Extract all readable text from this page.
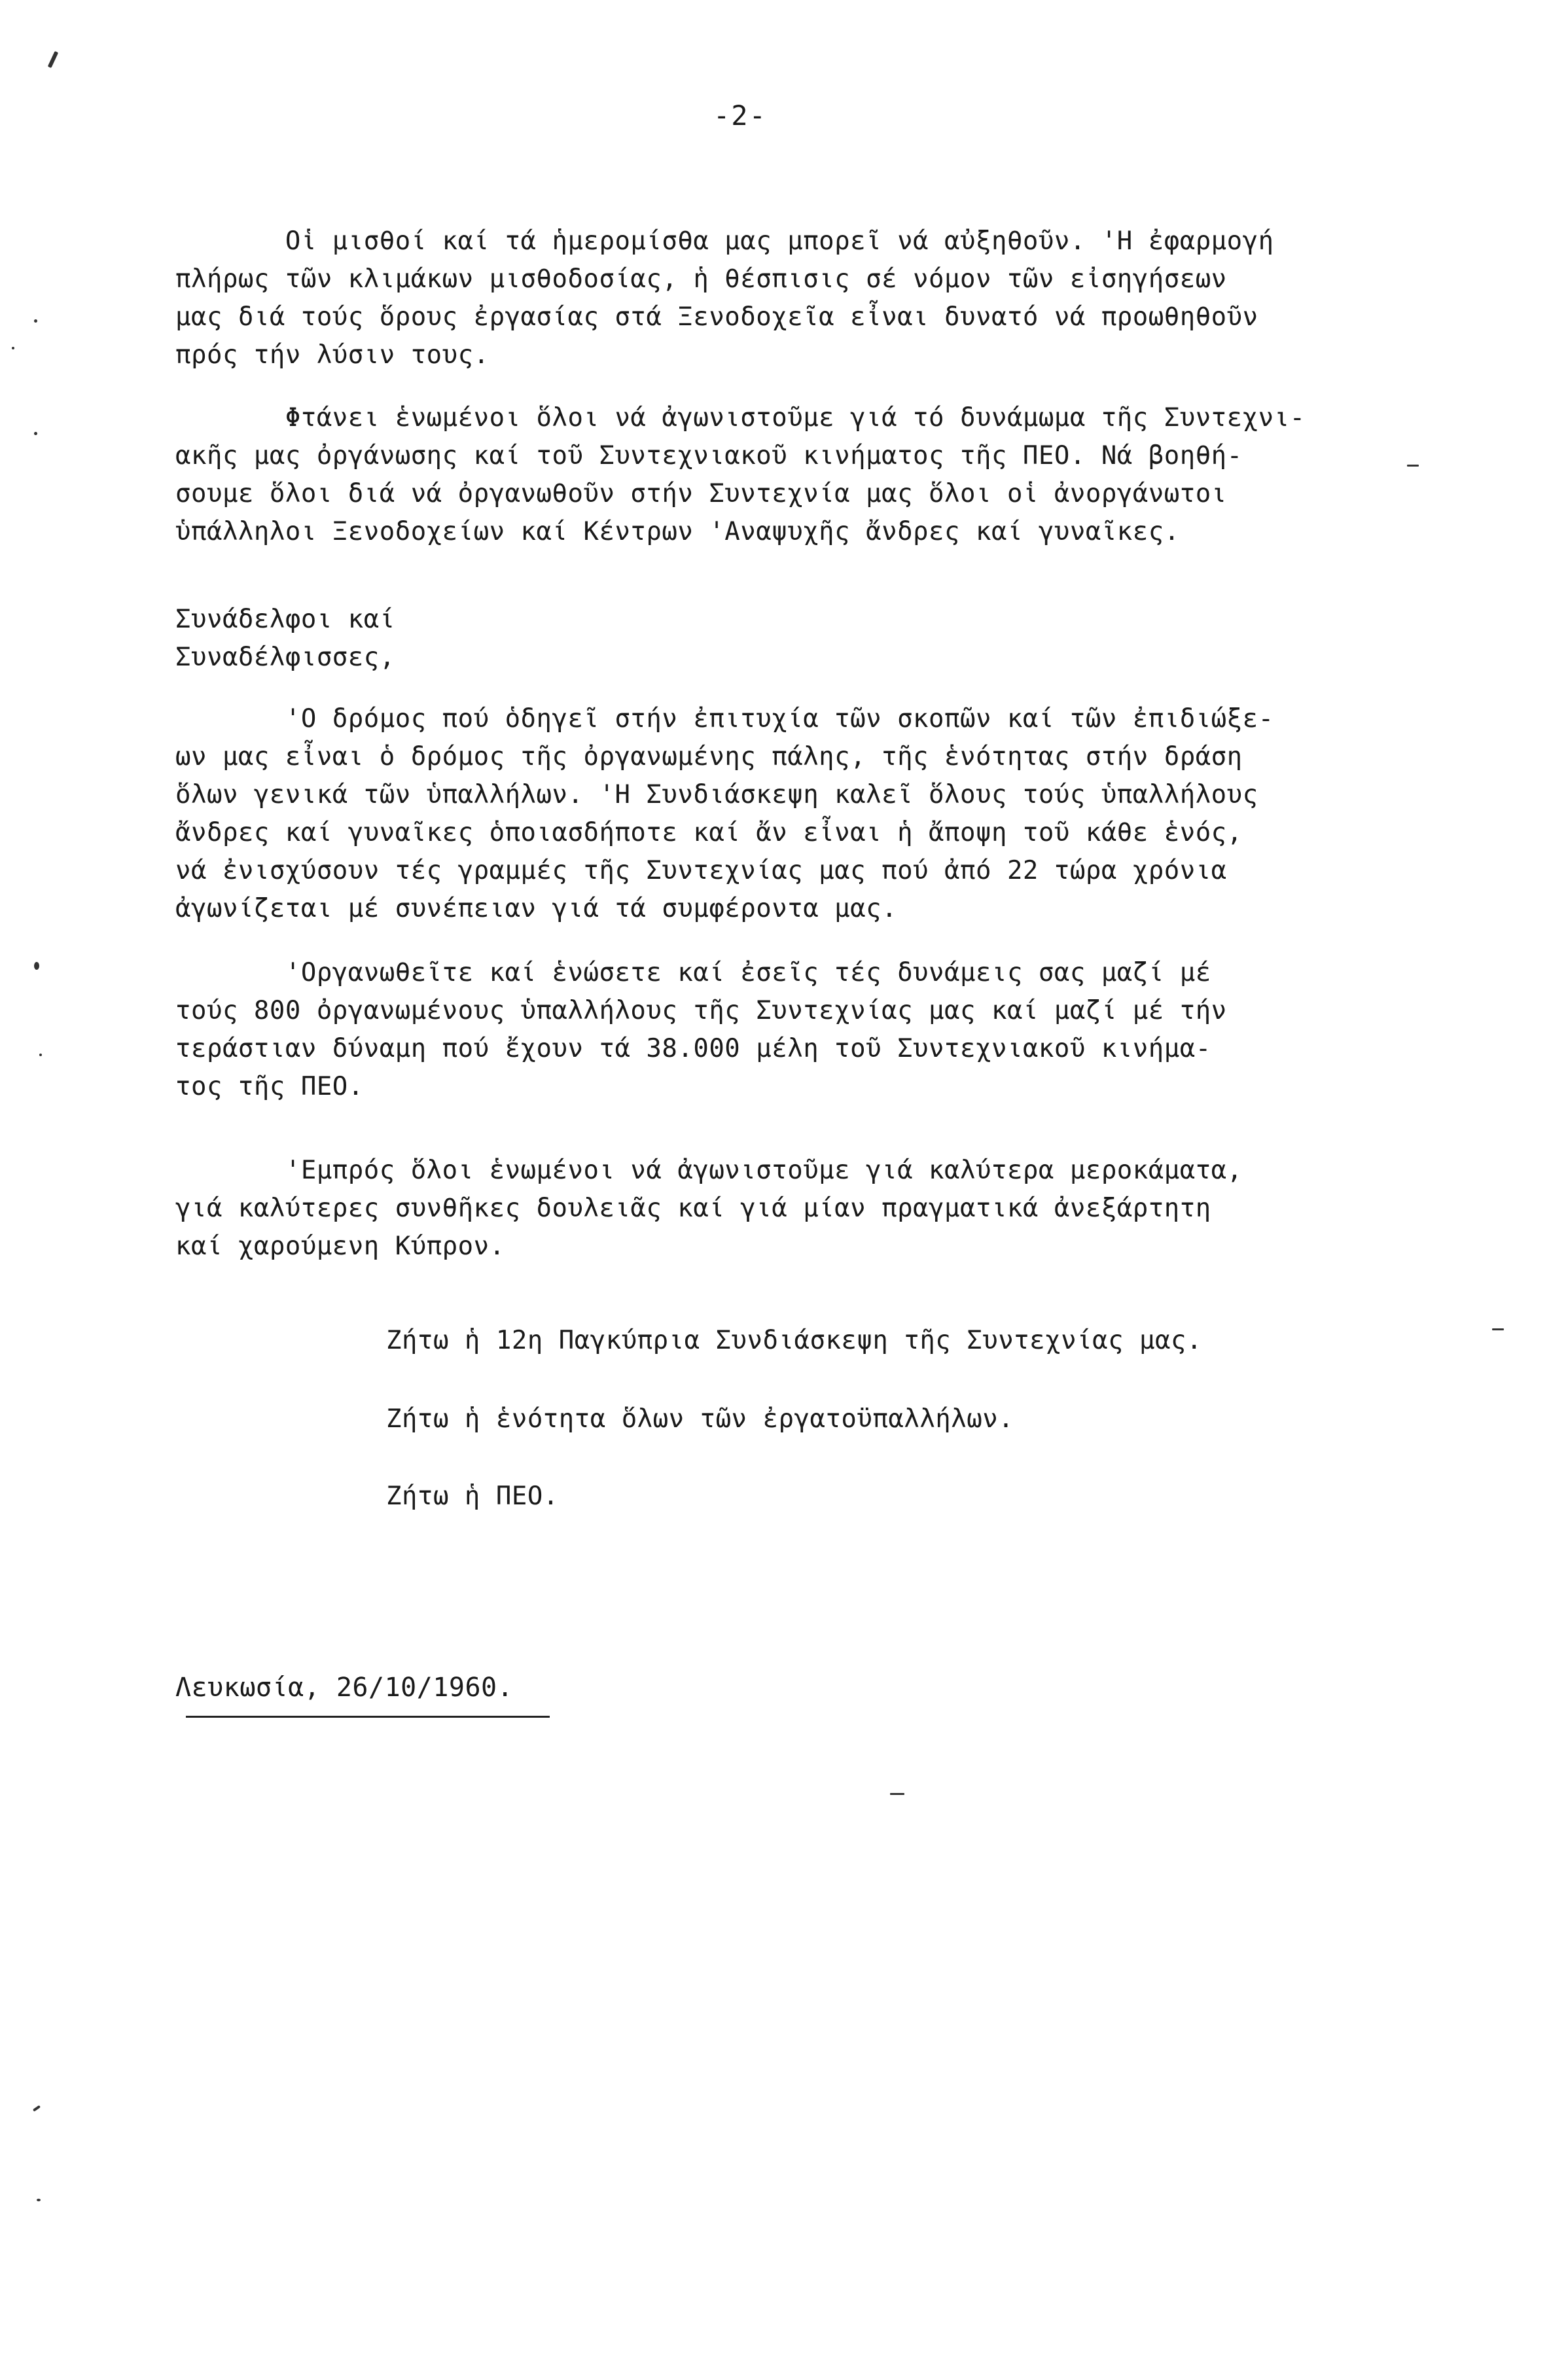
-2-
Οἱ μισθοί καί τά ἡμερομίσθα μας μπορεῖ νά αὐξηθοῦν. 'Η ἐφαρμογή
πλήρως τῶν κλιμάκων μισθοδοσίας, ἡ θέσπισις σέ νόμον τῶν εἰσηγήσεων
μας διά τούς ὅρους ἐργασίας στά Ξενοδοχεῖα εἶναι δυνατό νά προωθηθοῦν
πρός τήν λύσιν τους.
Φτάνει ἑνωμένοι ὅλοι νά ἀγωνιστοῦμε γιά τό δυνάμωμα τῆς Συντεχνι-
ακῆς μας ὀργάνωσης καί τοῦ Συντεχνιακοῦ κινήματος τῆς ΠΕΟ. Νά βοηθή-
σουμε ὅλοι διά νά ὀργανωθοῦν στήν Συντεχνία μας ὅλοι οἱ ἀνοργάνωτοι
ὑπάλληλοι Ξενοδοχείων καί Κέντρων 'Αναψυχῆς ἄνδρες καί γυναῖκες.
Συνάδελφοι καί
Συναδέλφισσες,
'Ο δρόμος πού ὁδηγεῖ στήν ἐπιτυχία τῶν σκοπῶν καί τῶν ἐπιδιώξε-
ων μας εἶναι ὁ δρόμος τῆς ὀργανωμένης πάλης, τῆς ἑνότητας στήν δράση
ὅλων γενικά τῶν ὑπαλλήλων. 'Η Συνδιάσκεψη καλεῖ ὅλους τούς ὑπαλλήλους
ἄνδρες καί γυναῖκες ὁποιασδήποτε καί ἄν εἶναι ἡ ἄποψη τοῦ κάθε ἑνός,
νά ἐνισχύσουν τές γραμμές τῆς Συντεχνίας μας πού ἀπό 22 τώρα χρόνια
ἀγωνίζεται μέ συνέπειαν γιά τά συμφέροντα μας.
'Οργανωθεῖτε καί ἑνώσετε καί ἐσεῖς τές δυνάμεις σας μαζί μέ
τούς 800 ὀργανωμένους ὑπαλλήλους τῆς Συντεχνίας μας καί μαζί μέ τήν
τεράστιαν δύναμη πού ἔχουν τά 38.000 μέλη τοῦ Συντεχνιακοῦ κινήμα-
τος τῆς ΠΕΟ.
'Εμπρός ὅλοι ἑνωμένοι νά ἀγωνιστοῦμε γιά καλύτερα μεροκάματα,
γιά καλύτερες συνθῆκες δουλειᾶς καί γιά μίαν πραγματικά ἀνεξάρτητη
καί χαρούμενη Κύπρον.
Ζήτω ἡ 12η Παγκύπρια Συνδιάσκεψη τῆς Συντεχνίας μας.
Ζήτω ἡ ἑνότητα ὅλων τῶν ἐργατοϋπαλλήλων.
Ζήτω ἡ ΠΕΟ.
Λευκωσία, 26/10/1960.
